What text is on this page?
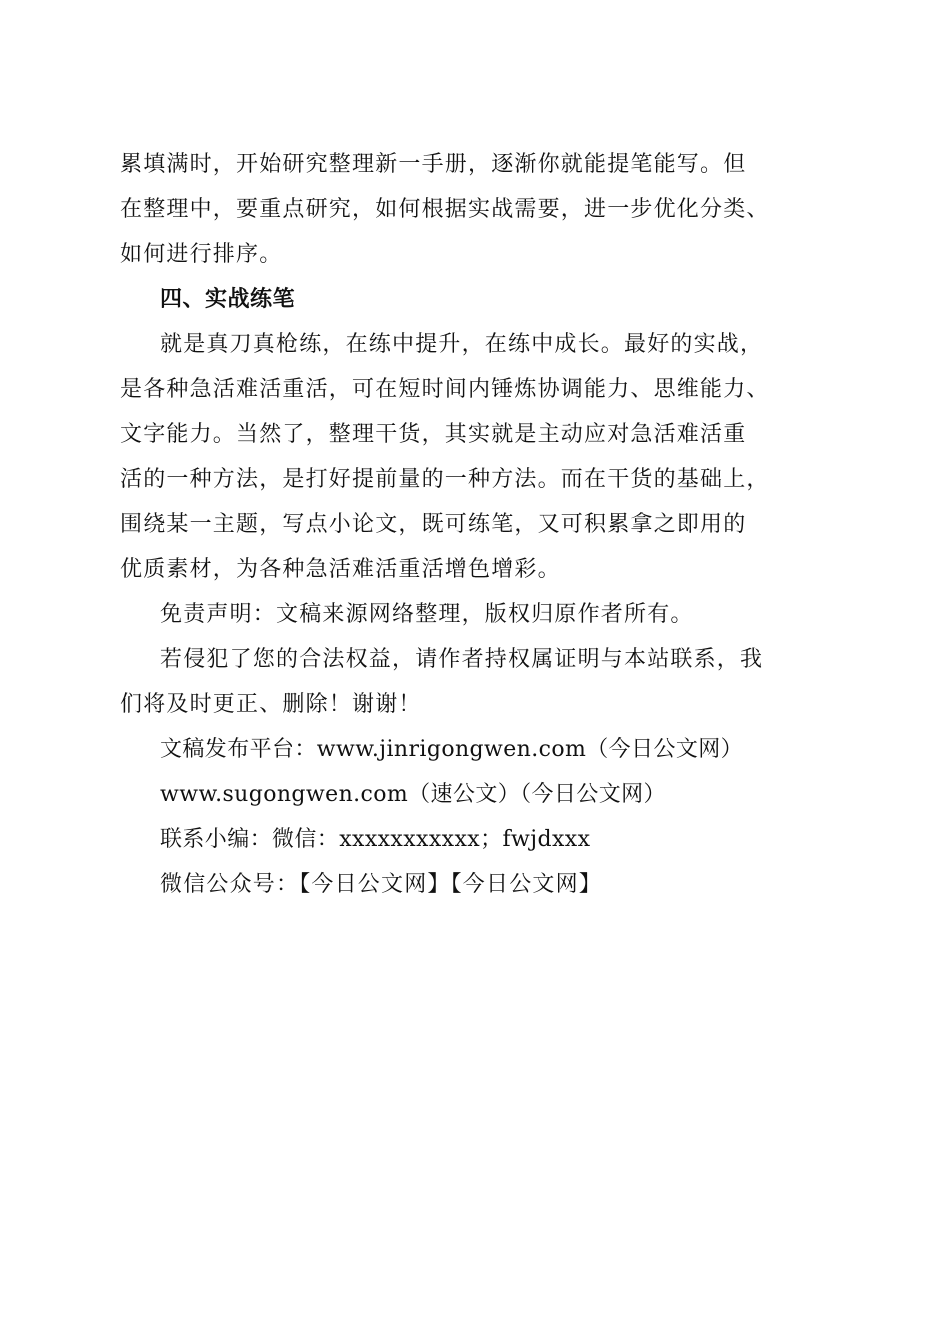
累填满时，开始研究整理新一手册，逐渐你就能提笔能写。但
在整理中，要重点研究，如何根据实战需要，进一步优化分类、
如何进行排序。
四、实战练笔
就是真刀真枪练，在练中提升，在练中成长。最好的实战，
是各种急活难活重活，可在短时间内锤炼协调能力、思维能力、
文字能力。当然了，整理干货，其实就是主动应对急活难活重
活的一种方法，是打好提前量的一种方法。而在干货的基础上，
围绕某一主题，写点小论文，既可练笔，又可积累拿之即用的
优质素材，为各种急活难活重活增色增彩。
免责声明：文稿来源网络整理，版权归原作者所有。
若侵犯了您的合法权益，请作者持权属证明与本站联系，我
们将及时更正、删除！谢谢！
文稿发布平台：www.jinrigongwen.com（今日公文网）
www.sugongwen.com（速公文）（今日公文网）
联系小编：微信：xxxxxxxxxxx；fwjdxxx
微信公众号：【今日公文网】【今日公文网】
